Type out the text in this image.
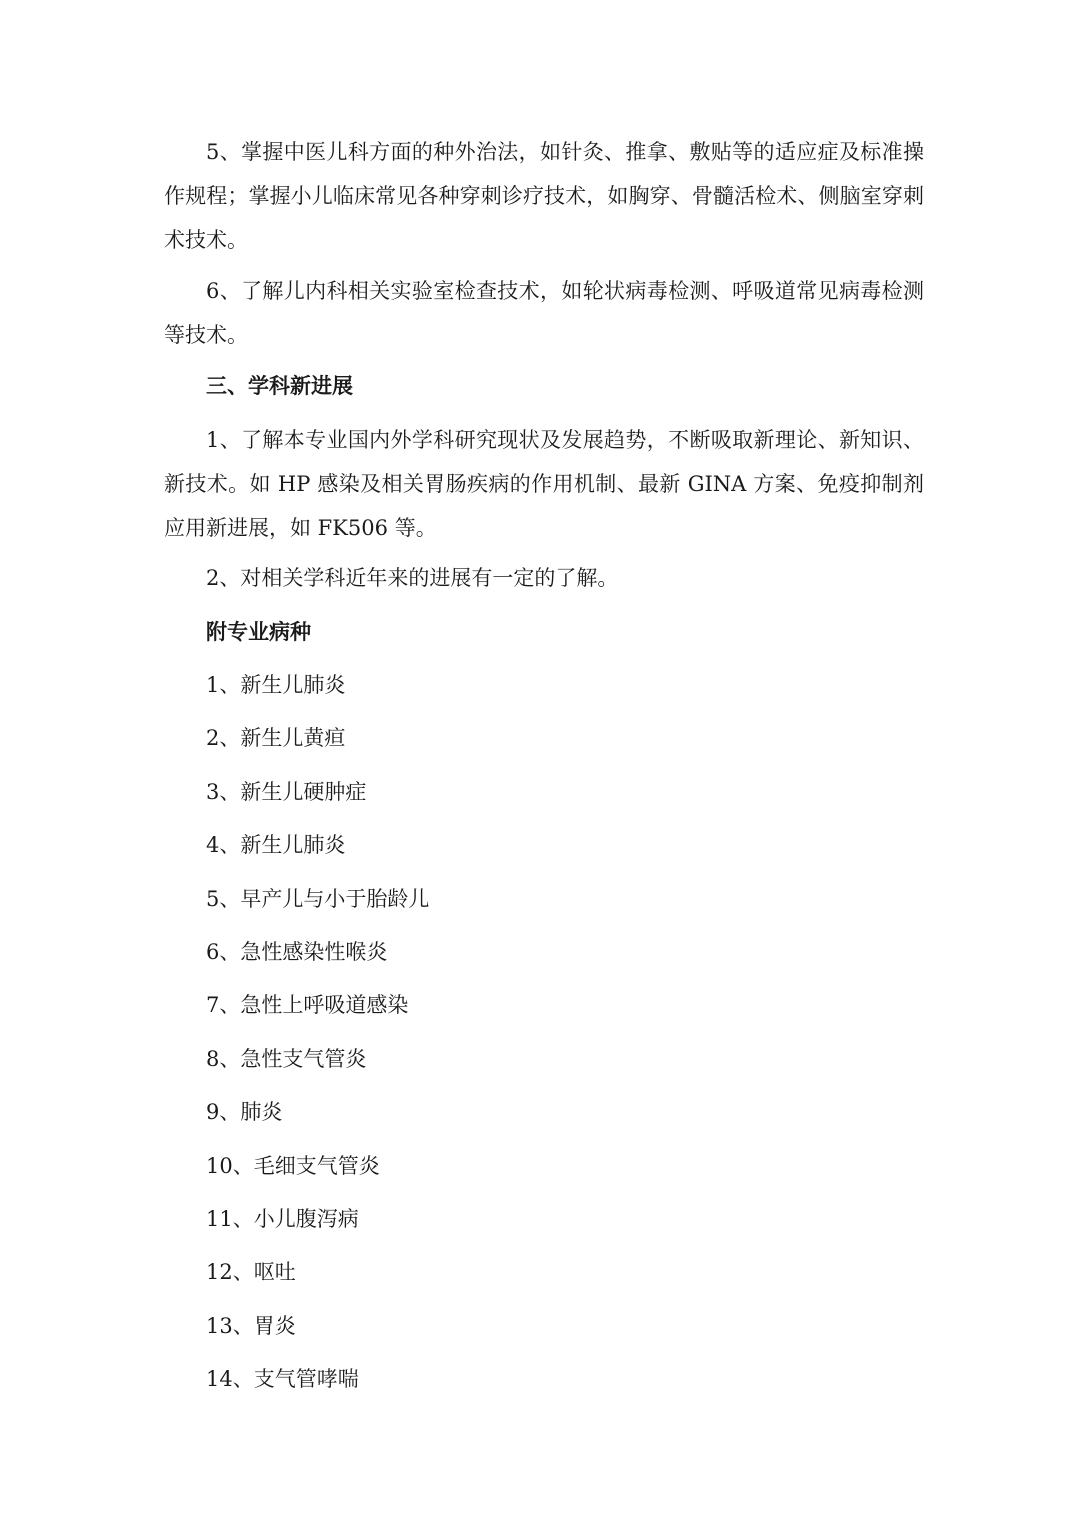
5、掌握中医儿科方面的种外治法，如针灸、推拿、敷贴等的适应症及标准操作规程；掌握小儿临床常见各种穿刺诊疗技术，如胸穿、骨髓活检术、侧脑室穿刺术技术。

6、了解儿内科相关实验室检查技术，如轮状病毒检测、呼吸道常见病毒检测等技术。

三、学科新进展

1、了解本专业国内外学科研究现状及发展趋势，不断吸取新理论、新知识、新技术。如 HP 感染及相关胃肠疾病的作用机制、最新 GINA 方案、免疫抑制剂应用新进展，如 FK506 等。

2、对相关学科近年来的进展有一定的了解。

附专业病种
1、新生儿肺炎
2、新生儿黄疸
3、新生儿硬肿症
4、新生儿肺炎
5、早产儿与小于胎龄儿
6、急性感染性喉炎
7、急性上呼吸道感染
8、急性支气管炎
9、肺炎
10、毛细支气管炎
11、小儿腹泻病
12、呕吐
13、胃炎
14、支气管哮喘
